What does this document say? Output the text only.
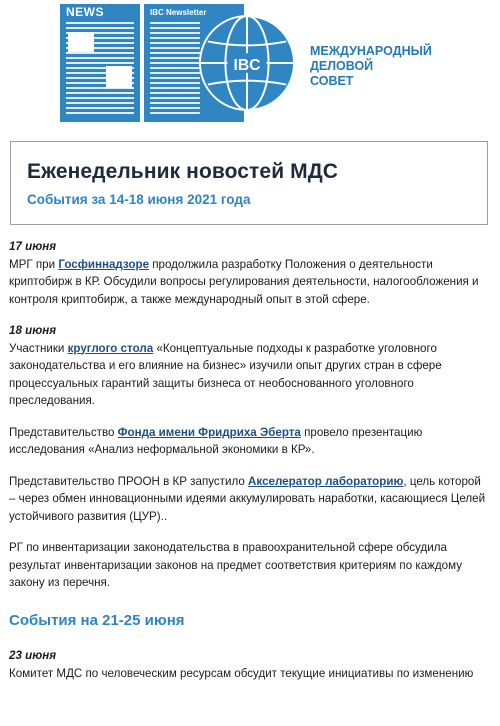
NEWS	IBC Newsletter
IBC
МЕЖДУНАРОДНЫЙ
ДЕЛОВОЙ
СОВЕТ
Еженедельник новостей МДС
События за 14-18 июня 2021 года
17 июня

МРГ при Госфиннадзоре продолжила разработку Положения о деятельности криптобирж в КР. Обсудили вопросы регулирования деятельности, налогообложения и контроля криптобирж, а также международный опыт в этой сфере.

18 июня

Участники круглого стола «Концептуальные подходы к разработке уголовного законодательства и его влияние на бизнес» изучили опыт других стран в сфере процессуальных гарантий защиты бизнеса от необоснованного уголовного преследования.

Представительство Фонда имени Фридриха Эберта провело презентацию исследования «Анализ неформальной экономики в КР».

Представительство ПРООН в КР запустило Акселератор лабораторию, цель которой – через обмен инновационными идеями аккумулировать наработки, касающиеся Целей устойчивого развития (ЦУР)..

РГ по инвентаризации законодательства в правоохранительной сфере обсудила результат инвентаризации законов на предмет соответствия критериям по каждому закону из перечня.

События на 21-25 июня
23 июня

Комитет МДС по человеческим ресурсам обсудит текущие инициативы по изменению
